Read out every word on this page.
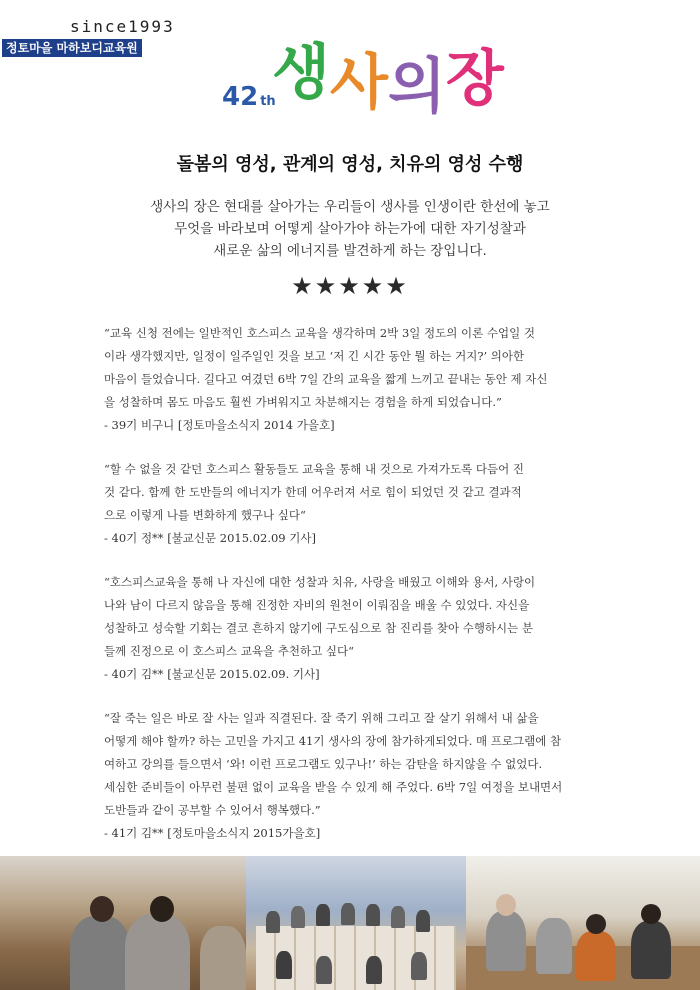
since1993
정토마을 마하보디교육원
42 th
생사의장
돌봄의 영성, 관계의 영성, 치유의 영성 수행
생사의 장은 현대를 살아가는 우리들이 생사를 인생이란 한선에 놓고
무엇을 바라보며 어떻게 살아가야 하는가에 대한 자기성찰과
새로운 삶의 에너지를 발견하게 하는 장입니다.
★★★★★

“교육 신청 전에는 일반적인 호스피스 교육을 생각하며 2박 3일 정도의 이론 수업일 것

이라 생각했지만, 일정이 일주일인 것을 보고 ‘저 긴 시간 동안 뭘 하는 거지?’ 의아한

마음이 들었습니다. 길다고 여겼던 6박 7일 간의 교육을 짧게 느끼고 끝내는 동안 제 자신

을 성찰하며 몸도 마음도 훨씬 가벼워지고 차분해지는 경험을 하게 되었습니다.”

- 39기 비구니 [정토마을소식지 2014 가을호]

“할 수 없을 것 같던 호스피스 활동들도 교육을 통해 내 것으로 가져가도록 다듬어 진

것 같다. 함께 한 도반들의 에너지가 한데 어우러져 서로 힘이 되었던 것 같고 결과적

으로 이렇게 나를 변화하게 했구나 싶다“

- 40기 정** [불교신문 2015.02.09 기사]

“호스피스교육을 통해 나 자신에 대한 성찰과 치유, 사랑을 배웠고 이해와 용서, 사랑이

나와 남이 다르지 않음을 통해 진정한 자비의 원천이 이뤄짐을 배울 수 있었다. 자신을

성찰하고 성숙할 기회는 결코 흔하지 않기에 구도심으로 참 진리를 찾아 수행하시는 분

들께 진정으로 이 호스피스 교육을 추천하고 싶다“

- 40기 김** [불교신문 2015.02.09. 기사]

“잘 죽는 일은 바로 잘 사는 일과 직결된다. 잘 죽기 위해 그리고 잘 살기 위해서 내 삶을

어떻게 해야 할까? 하는 고민을 가지고 41기 생사의 장에 참가하게되었다. 매 프로그램에 참

여하고 강의를 들으면서 ‘와! 이런 프로그램도 있구나!’ 하는 감탄을 하지않을 수 없었다.

세심한 준비들이 아무런 불편 없이 교육을 받을 수 있게 해 주었다. 6박 7일 여정을 보내면서

도반들과 같이 공부할 수 있어서 행복했다.”

- 41기 김** [정토마을소식지 2015가을호]
